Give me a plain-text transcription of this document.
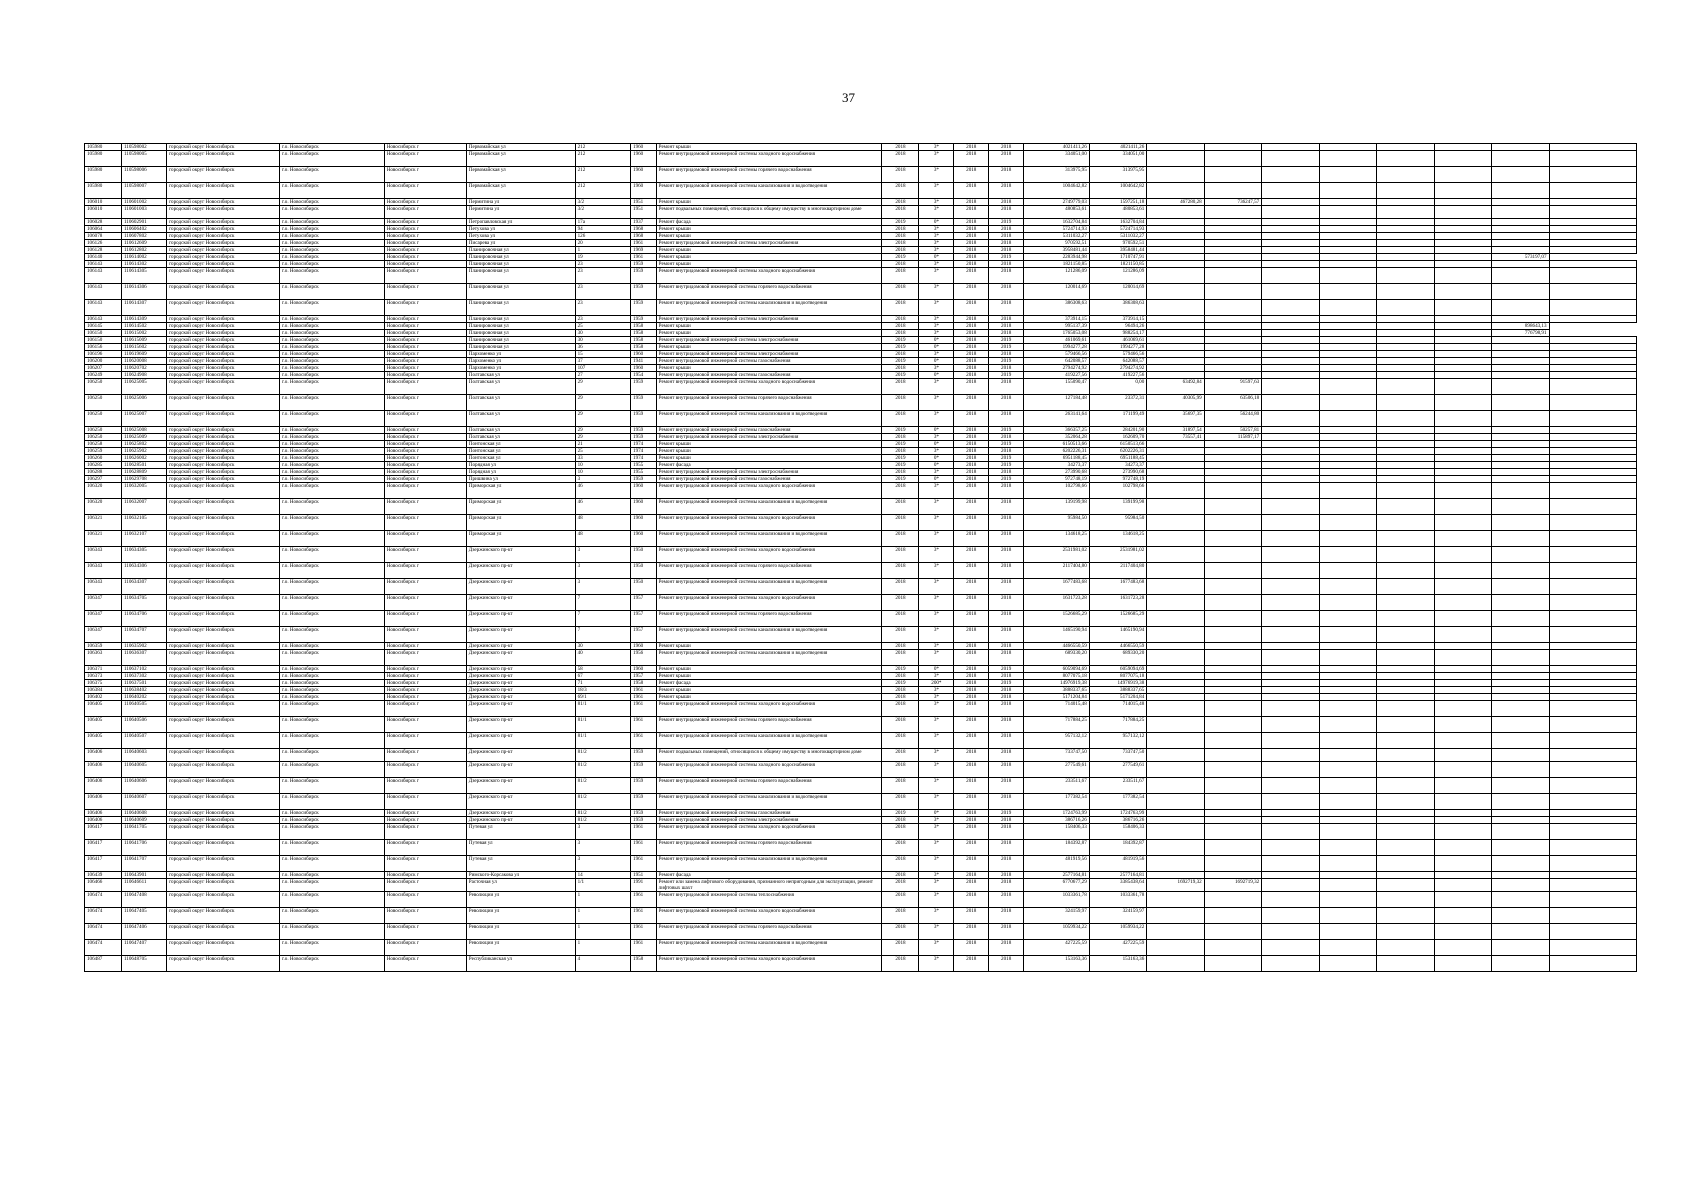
37
105980	110598002	городской округ Новосибирск	г.о. Новосибирск	Новосибирск г	Первомайская ул	212	1960	Ремонт крыши	2018	3*	2018	2018	4021411,26	4021411,26								
105980	110598005	городской округ Новосибирск	г.о. Новосибирск	Новосибирск г	Первомайская ул	212	1960	Ремонт внутридомовой инженерной системы холодного водоснабжения	2018	3*	2018	2018	334051,00	334051,00								
105980	110598006	городской округ Новосибирск	г.о. Новосибирск	Новосибирск г	Первомайская ул	212	1960	Ремонт внутридомовой инженерной системы горячего водоснабжения	2018	3*	2018	2018	313975,95	313975,95								
105980	110598007	городской округ Новосибирск	г.о. Новосибирск	Новосибирск г	Первомайская ул	212	1960	Ремонт внутридомовой инженерной системы канализования и водоотведения	2018	3*	2018	2018	1004642,82	1004642,82								
106010	110601002	городской округ Новосибирск	г.о. Новосибирск	Новосибирск г	Пермитина ул	3/2	1951	Ремонт крыши	2018	3*	2018	2018	2749779,03	1597251,18	467280,28	736247,57						
106010	110601003	городской округ Новосибирск	г.о. Новосибирск	Новосибирск г	Пермитина ул	3/2	1951	Ремонт подвальных помещений, относящихся к общему имуществу в многоквартирном доме	2018	3*	2018	2018	480853,61	480853,61								
106028	110602901	городской округ Новосибирск	г.о. Новосибирск	Новосибирск г	Петропавловская ул	17а	1937	Ремонт фасада	2019	0*	2018	2019	1632704,84	1632704,84								
106064	110606402	городской округ Новосибирск	г.о. Новосибирск	Новосибирск г	Петухова ул	94	1968	Ремонт крыши	2018	3*	2018	2018	5724714,93	5724714,93								
106078	110607802	городской округ Новосибирск	г.о. Новосибирск	Новосибирск г	Петухова ул	126	1968	Ремонт крыши	2018	3*	2018	2018	5311032,27	5311032,27								
106126	110612609	городской округ Новосибирск	г.о. Новосибирск	Новосибирск г	Писарева ул	20	1961	Ремонт внутридомовой инженерной системы электроснабжения	2018	3*	2018	2018	970592,51	970592,51								
106128	110612802	городской округ Новосибирск	г.о. Новосибирск	Новосибирск г	Планировочная ул	1	1969	Ремонт крыши	2018	3*	2018	2018	3958481,44	3958481,44								
106140	110614002	городской округ Новосибирск	г.о. Новосибирск	Новосибирск г	Планировочная ул	19	1961	Ремонт крыши	2019	0*	2018	2019	2283944,98	1710747,91							573197,07	
106143	110614302	городской округ Новосибирск	г.о. Новосибирск	Новосибирск г	Планировочная ул	23	1959	Ремонт крыши	2018	3*	2018	2018	1821150,85	1821150,85								
106143	110614305	городской округ Новосибирск	г.о. Новосибирск	Новосибирск г	Планировочная ул	23	1959	Ремонт внутридомовой инженерной системы холодного водоснабжения	2018	3*	2018	2018	121286,09	121286,09								
106143	110614306	городской округ Новосибирск	г.о. Новосибирск	Новосибирск г	Планировочная ул	23	1959	Ремонт внутридомовой инженерной системы горячего водоснабжения	2018	3*	2018	2018	120014,69	120014,69								
106143	110614307	городской округ Новосибирск	г.о. Новосибирск	Новосибирск г	Планировочная ул	23	1959	Ремонт внутридомовой инженерной системы канализования и водоотведения	2018	3*	2018	2018	386308,63	386308,63								
106143	110614309	городской округ Новосибирск	г.о. Новосибирск	Новосибирск г	Планировочная ул	23	1959	Ремонт внутридомовой инженерной системы электроснабжения	2018	3*	2018	2018	373914,15	373914,15								
106145	110614502	городской округ Новосибирск	г.о. Новосибирск	Новосибирск г	Планировочная ул	25	1958	Ремонт крыши	2018	3*	2018	2018	995137,39	96494,26							898643,13	
106150	110615002	городской округ Новосибирск	г.о. Новосибирск	Новосибирск г	Планировочная ул	30	1958	Ремонт крыши	2018	3*	2018	2018	1765053,08	988254,17							776798,91	
106150	110615009	городской округ Новосибирск	г.о. Новосибирск	Новосибирск г	Планировочная ул	30	1958	Ремонт внутридомовой инженерной системы электроснабжения	2019	0*	2018	2019	461069,61	461069,61								
106156	110615602	городской округ Новосибирск	г.о. Новосибирск	Новосибирск г	Планировочная ул	36	1958	Ремонт крыши	2019	0*	2018	2019	1994277,28	1994277,28								
106196	110619609	городской округ Новосибирск	г.о. Новосибирск	Новосибирск г	Пархоменко ул	15	1960	Ремонт внутридомовой инженерной системы электроснабжения	2018	3*	2018	2018	579466,56	579466,56								
106200	110620008	городской округ Новосибирск	г.о. Новосибирск	Новосибирск г	Пархоменко ул	37	1941	Ремонт внутридомовой инженерной системы газоснабжения	2019	0*	2018	2019	642088,57	642088,57								
106207	110620702	городской округ Новосибирск	г.о. Новосибирск	Новосибирск г	Пархоменко ул	107	1960	Ремонт крыши	2018	3*	2018	2018	2794274,92	2794274,92								
106249	110624908	городской округ Новосибирск	г.о. Новосибирск	Новосибирск г	Полтавская ул	27	1954	Ремонт внутридомовой инженерной системы газоснабжения	2019	0*	2018	2019	419227,56	419227,56								
106250	110625005	городской округ Новосибирск	г.о. Новосибирск	Новосибирск г	Полтавская ул	29	1959	Ремонт внутридомовой инженерной системы холодного водоснабжения	2018	3*	2018	2018	155090,47	0,00	63492,84	91597,63						
106250	110625006	городской округ Новосибирск	г.о. Новосибирск	Новосибирск г	Полтавская ул	29	1959	Ремонт внутридомовой инженерной системы горячего водоснабжения	2018	3*	2018	2018	127184,48	23372,31	40305,99	63506,18						
106250	110625007	городской округ Новосибирск	г.о. Новосибирск	Новосибирск г	Полтавская ул	29	1959	Ремонт внутридомовой инженерной системы канализования и водоотведения	2018	3*	2018	2018	263141,64	171199,49	35697,35	56244,80						
106250	110625008	городской округ Новосибирск	г.о. Новосибирск	Новосибирск г	Полтавская ул	29	1959	Ремонт внутридомовой инженерной системы газоснабжения	2019	0*	2018	2019	366357,25	284201,90	31897,54	50257,81						
106250	110625009	городской округ Новосибирск	г.о. Новосибирск	Новосибирск г	Полтавская ул	29	1959	Ремонт внутридомовой инженерной системы электроснабжения	2018	3*	2018	2018	352064,28	162609,70	73557,41	115897,17						
106258	110625802	городской округ Новосибирск	г.о. Новосибирск	Новосибирск г	Понтонская ул	21	1974	Ремонт крыши	2019	0*	2018	2019	6150513,66	6150513,66								
106259	110625902	городской округ Новосибирск	г.о. Новосибирск	Новосибирск г	Понтонская ул	25	1974	Ремонт крыши	2018	3*	2018	2018	6202226,31	6202226,31								
106260	110626002	городской округ Новосибирск	г.о. Новосибирск	Новосибирск г	Понтонская ул	33	1974	Ремонт крыши	2019	0*	2018	2019	6951188,45	6951188,45								
106285	110628501	городской округ Новосибирск	г.о. Новосибирск	Новосибирск г	Порядная ул	10	1955	Ремонт фасада	2019	0*	2018	2019	34273,37	34273,37								
106288	110628809	городской округ Новосибирск	г.о. Новосибирск	Новосибирск г	Порядная ул	10	1955	Ремонт внутридомовой инженерной системы электроснабжения	2018	3*	2018	2018	273990,68	273990,68								
106297	110629708	городской округ Новосибирск	г.о. Новосибирск	Новосибирск г	Пришвина ул	3	1959	Ремонт внутридомовой инженерной системы газоснабжения	2019	0*	2018	2019	972748,19	972748,19								
106320	110632005	городской округ Новосибирск	г.о. Новосибирск	Новосибирск г	Приморская ул	46	1960	Ремонт внутридомовой инженерной системы холодного водоснабжения	2018	3*	2018	2018	102798,66	102798,66								
106320	110632007	городской округ Новосибирск	г.о. Новосибирск	Новосибирск г	Приморская ул	46	1960	Ремонт внутридомовой инженерной системы канализования и водоотведения	2018	3*	2018	2018	139199,98	139199,98								
106321	110632105	городской округ Новосибирск	г.о. Новосибирск	Новосибирск г	Приморская ул	48	1960	Ремонт внутридомовой инженерной системы холодного водоснабжения	2018	3*	2018	2018	95984,50	95984,50								
106321	110632107	городской округ Новосибирск	г.о. Новосибирск	Новосибирск г	Приморская ул	48	1960	Ремонт внутридомовой инженерной системы канализования и водоотведения	2018	3*	2018	2018	134618,25	134618,25								
106343	110634305	городской округ Новосибирск	г.о. Новосибирск	Новосибирск г	Дзержинского пр-кт	3	1950	Ремонт внутридомовой инженерной системы холодного водоснабжения	2018	3*	2018	2018	2531981,02	2531981,02								
106343	110634306	городской округ Новосибирск	г.о. Новосибирск	Новосибирск г	Дзержинского пр-кт	3	1950	Ремонт внутридомовой инженерной системы горячего водоснабжения	2018	3*	2018	2018	2117404,80	2117404,80								
106343	110634307	городской округ Новосибирск	г.о. Новосибирск	Новосибирск г	Дзержинского пр-кт	3	1950	Ремонт внутридомовой инженерной системы канализования и водоотведения	2018	3*	2018	2018	1677483,68	1677483,68								
106347	110634705	городской округ Новосибирск	г.о. Новосибирск	Новосибирск г	Дзержинского пр-кт	7	1957	Ремонт внутридомовой инженерной системы холодного водоснабжения	2018	3*	2018	2018	1631723,28	1631723,28								
106347	110634706	городской округ Новосибирск	г.о. Новосибирск	Новосибирск г	Дзержинского пр-кт	7	1957	Ремонт внутридомовой инженерной системы горячего водоснабжения	2018	3*	2018	2018	1526685,29	1526685,29								
106347	110634707	городской округ Новосибирск	г.о. Новосибирск	Новосибирск г	Дзержинского пр-кт	7	1957	Ремонт внутридомовой инженерной системы канализования и водоотведения	2018	3*	2018	2018	1465190,94	1465190,94								
106359	110635902	городской округ Новосибирск	г.о. Новосибирск	Новосибирск г	Дзержинского пр-кт	30	1960	Ремонт крыши	2018	3*	2018	2018	4466550,59	4466550,59								
106363	110636307	городской округ Новосибирск	г.о. Новосибирск	Новосибирск г	Дзержинского пр-кт	40	1956	Ремонт внутридомовой инженерной системы канализования и водоотведения	2018	3*	2018	2018	689330,20	689330,20								
106371	110637102	городской округ Новосибирск	г.о. Новосибирск	Новосибирск г	Дзержинского пр-кт	58	1960	Ремонт крыши	2019	0*	2018	2019	6059094,69	6059094,69								
106373	110637302	городской округ Новосибирск	г.о. Новосибирск	Новосибирск г	Дзержинского пр-кт	67	1957	Ремонт крыши	2018	3*	2018	2018	8077075,18	8077075,18								
106375	110637501	городской округ Новосибирск	г.о. Новосибирск	Новосибирск г	Дзержинского пр-кт	71	1958	Ремонт фасада	2019	200*	2018	2019	14976919,38	14976919,38								
106384	110638402	городской округ Новосибирск	г.о. Новосибирск	Новосибирск г	Дзержинского пр-кт	18/3	1961	Ремонт крыши	2018	3*	2018	2018	3888337,65	3888337,65								
106402	110640202	городской округ Новосибирск	г.о. Новосибирск	Новосибирск г	Дзержинского пр-кт	69/1	1961	Ремонт крыши	2018	3*	2018	2018	5171204,84	5171204,84								
106405	110640505	городской округ Новосибирск	г.о. Новосибирск	Новосибирск г	Дзержинского пр-кт	81/1	1961	Ремонт внутридомовой инженерной системы холодного водоснабжения	2018	3*	2018	2018	714015,48	714015,48								
106405	110640506	городской округ Новосибирск	г.о. Новосибирск	Новосибирск г	Дзержинского пр-кт	81/1	1961	Ремонт внутридомовой инженерной системы горячего водоснабжения	2018	3*	2018	2018	717884,25	717884,25								
106405	110640507	городской округ Новосибирск	г.о. Новосибирск	Новосибирск г	Дзержинского пр-кт	81/1	1961	Ремонт внутридомовой инженерной системы канализования и водоотведения	2018	3*	2018	2018	957132,12	957132,12								
106406	110640603	городской округ Новосибирск	г.о. Новосибирск	Новосибирск г	Дзержинского пр-кт	81/2	1959	Ремонт подвальных помещений, относящихся к общему имуществу в многоквартирном доме	2018	3*	2018	2018	733747,50	733747,50								
106406	110640605	городской округ Новосибирск	г.о. Новосибирск	Новосибирск г	Дзержинского пр-кт	81/2	1959	Ремонт внутридомовой инженерной системы холодного водоснабжения	2018	3*	2018	2018	277549,61	277549,61								
106406	110640606	городской округ Новосибирск	г.о. Новосибирск	Новосибирск г	Дзержинского пр-кт	81/2	1959	Ремонт внутридомовой инженерной системы горячего водоснабжения	2018	3*	2018	2018	233511,67	233511,67								
106406	110640607	городской округ Новосибирск	г.о. Новосибирск	Новосибирск г	Дзержинского пр-кт	81/2	1959	Ремонт внутридомовой инженерной системы канализования и водоотведения	2018	3*	2018	2018	177382,54	177382,54								
106406	110640608	городской округ Новосибирск	г.о. Новосибирск	Новосибирск г	Дзержинского пр-кт	81/2	1959	Ремонт внутридомовой инженерной системы газоснабжения	2019	0*	2018	2019	1724763,99	1724763,99								
106406	110640609	городской округ Новосибирск	г.о. Новосибирск	Новосибирск г	Дзержинского пр-кт	81/2	1959	Ремонт внутридомовой инженерной системы электроснабжения	2018	3*	2018	2018	386716,26	386716,26								
106417	110641705	городской округ Новосибирск	г.о. Новосибирск	Новосибирск г	Путевая ул	3	1961	Ремонт внутридомовой инженерной системы холодного водоснабжения	2018	3*	2018	2018	158406,33	158406,33								
106417	110641706	городской округ Новосибирск	г.о. Новосибирск	Новосибирск г	Путевая ул	3	1961	Ремонт внутридомовой инженерной системы горячего водоснабжения	2018	3*	2018	2018	184392,87	184392,87								
106417	110641707	городской округ Новосибирск	г.о. Новосибирск	Новосибирск г	Путевая ул	3	1961	Ремонт внутридомовой инженерной системы канализования и водоотведения	2018	3*	2018	2018	481919,56	481919,56								
106439	110643901	городской округ Новосибирск	г.о. Новосибирск	Новосибирск г	Римского-Корсакова ул	14	1951	Ремонт фасада	2018	3*	2018	2018	2577164,81	2577164,81								
106466	110646611	городской округ Новосибирск	г.о. Новосибирск	Новосибирск г	Расточная ул	1/1	1991	Ремонт или замена лифтового оборудования, признанного непригодным для эксплуатации, ремонт лифтовых шахт	2018	3*	2018	2018	6770677,29	3385438,64	1692719,32	1692719,32						
106474	110647408	городской округ Новосибирск	г.о. Новосибирск	Новосибирск г	Революции ул	1	1961	Ремонт внутридомовой инженерной системы теплоснабжения	2018	3*	2018	2018	1033361,78	1033361,78								
106474	110647405	городской округ Новосибирск	г.о. Новосибирск	Новосибирск г	Революции ул	1	1961	Ремонт внутридомовой инженерной системы холодного водоснабжения	2018	3*	2018	2018	324159,97	324159,97								
106474	110647406	городской округ Новосибирск	г.о. Новосибирск	Новосибирск г	Революции ул	1	1961	Ремонт внутридомовой инженерной системы горячего водоснабжения	2018	3*	2018	2018	1059934,22	1059934,22								
106474	110647407	городской округ Новосибирск	г.о. Новосибирск	Новосибирск г	Революции ул	1	1961	Ремонт внутридомовой инженерной системы канализования и водоотведения	2018	3*	2018	2018	427225,59	427225,59								
106487	110648705	городской округ Новосибирск	г.о. Новосибирск	Новосибирск г	Республиканская ул	4	1958	Ремонт внутридомовой инженерной системы холодного водоснабжения	2018	3*	2018	2018	153163,36	153163,36								
